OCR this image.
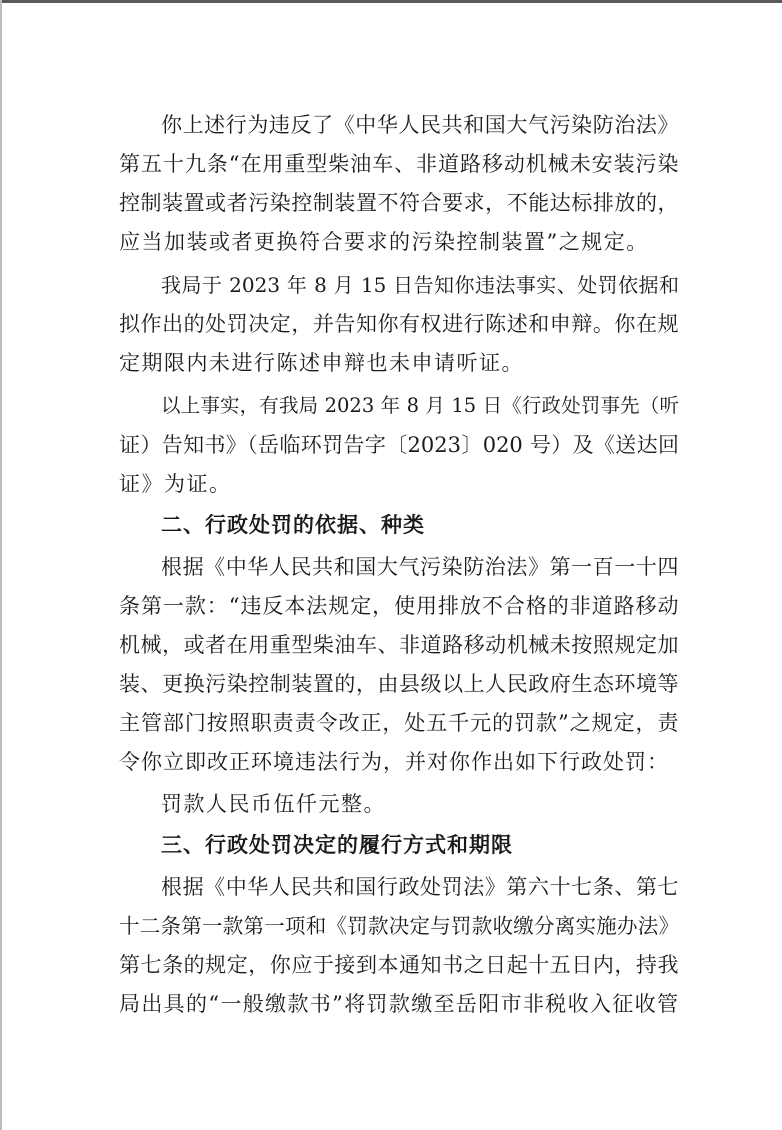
你上述行为违反了《中华人民共和国大气污染防治法》
第五十九条“在用重型柴油车、非道路移动机械未安装污染
控制装置或者污染控制装置不符合要求，不能达标排放的，
应当加装或者更换符合要求的污染控制装置”之规定。
我局于 2023 年 8 月 15 日告知你违法事实、处罚依据和
拟作出的处罚决定，并告知你有权进行陈述和申辩。你在规
定期限内未进行陈述申辩也未申请听证。
以上事实，有我局 2023 年 8 月 15 日《行政处罚事先（听
证）告知书》（岳临环罚告字〔2023〕020 号）及《送达回
证》为证。
二、行政处罚的依据、种类
根据《中华人民共和国大气污染防治法》第一百一十四
条第一款：“违反本法规定，使用排放不合格的非道路移动
机械，或者在用重型柴油车、非道路移动机械未按照规定加
装、更换污染控制装置的，由县级以上人民政府生态环境等
主管部门按照职责责令改正，处五千元的罚款”之规定，责
令你立即改正环境违法行为，并对你作出如下行政处罚：
罚款人民币伍仟元整。
三、行政处罚决定的履行方式和期限
根据《中华人民共和国行政处罚法》第六十七条、第七
十二条第一款第一项和《罚款决定与罚款收缴分离实施办法》
第七条的规定，你应于接到本通知书之日起十五日内，持我
局出具的“一般缴款书”将罚款缴至岳阳市非税收入征收管
